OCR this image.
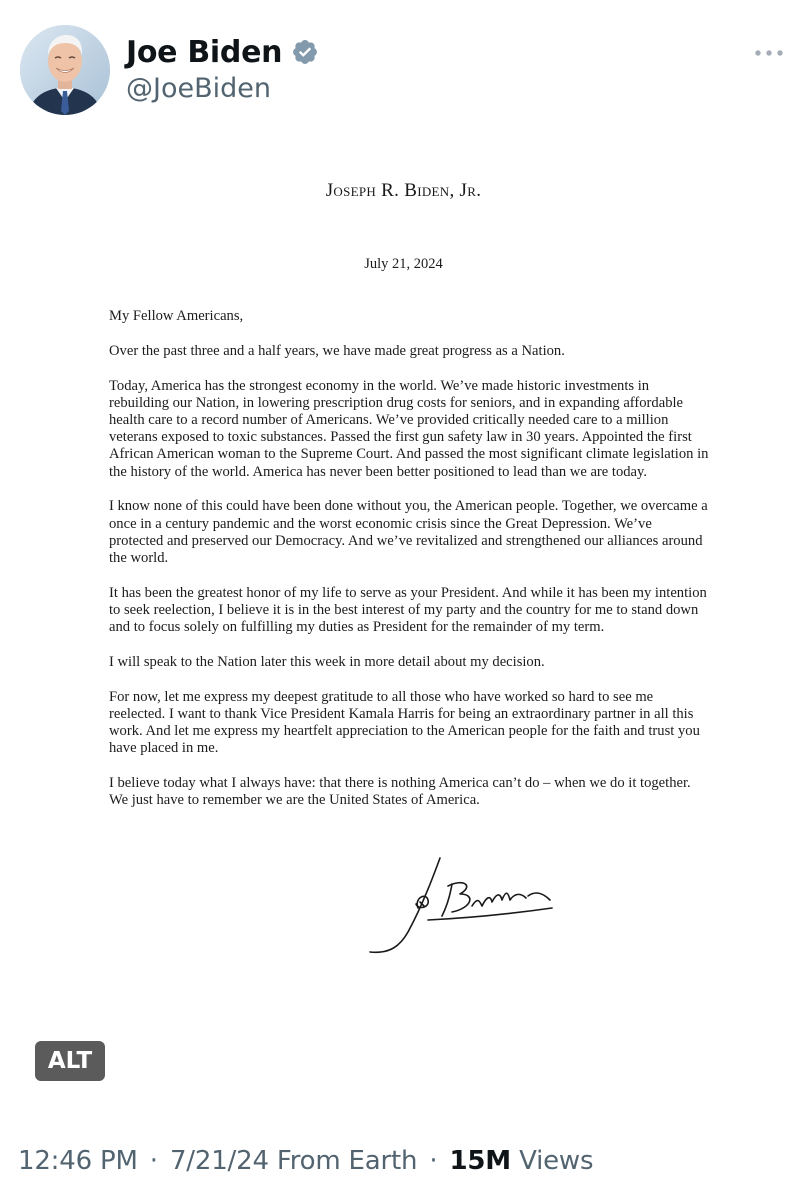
Joe Biden
@JoeBiden
Joseph R. Biden, Jr.
July 21, 2024

My Fellow Americans,

Over the past three and a half years, we have made great progress as a Nation.

Today, America has the strongest economy in the world. We’ve made historic investments in rebuilding our Nation, in lowering prescription drug costs for seniors, and in expanding affordable health care to a record number of Americans. We’ve provided critically needed care to a million veterans exposed to toxic substances. Passed the first gun safety law in 30 years. Appointed the first African American woman to the Supreme Court. And passed the most significant climate legislation in the history of the world. America has never been better positioned to lead than we are today.

I know none of this could have been done without you, the American people. Together, we overcame a once in a century pandemic and the worst economic crisis since the Great Depression. We’ve protected and preserved our Democracy. And we’ve revitalized and strengthened our alliances around the world.

It has been the greatest honor of my life to serve as your President. And while it has been my intention to seek reelection, I believe it is in the best interest of my party and the country for me to stand down and to focus solely on fulfilling my duties as President for the remainder of my term.

I will speak to the Nation later this week in more detail about my decision.

For now, let me express my deepest gratitude to all those who have worked so hard to see me reelected. I want to thank Vice President Kamala Harris for being an extraordinary partner in all this work. And let me express my heartfelt appreciation to the American people for the faith and trust you have placed in me.

I believe today what I always have: that there is nothing America can’t do – when we do it together. We just have to remember we are the United States of America.

ALT
12:46 PM · 7/21/24 From Earth · 15M Views
